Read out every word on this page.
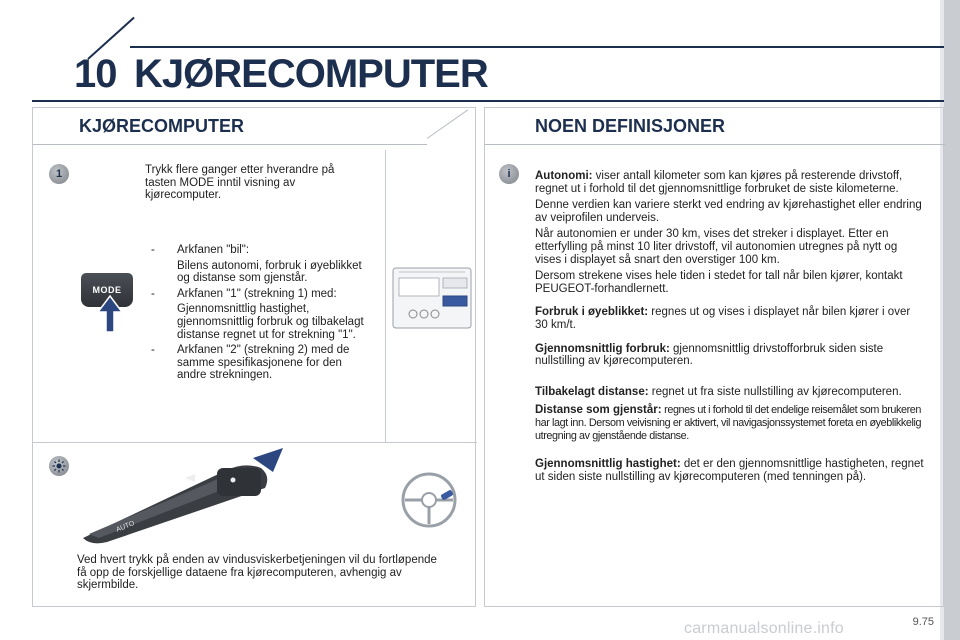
10 KJØRECOMPUTER
KJØRECOMPUTER
1	Trykk flere ganger etter hverandre på tasten MODE inntil visning av kjørecomputer.
- Arkfanen "bil":
Bilens autonomi, forbruk i øyeblikket og distanse som gjenstår.
- Arkfanen "1" (strekning 1) med:
Gjennomsnittlig hastighet, gjennomsnittlig forbruk og tilbakelagt distanse regnet ut for strekning "1".
- Arkfanen "2" (strekning 2) med de samme spesifikasjonene for den andre strekningen.
MODE
AUTO
Ved hvert trykk på enden av vindusviskerbetjeningen vil du fortløpende få opp de forskjellige dataene fra kjørecomputeren, avhengig av skjermbilde.
NOEN DEFINISJONER
i Autonomi: viser antall kilometer som kan kjøres på resterende drivstoff, regnet ut i forhold til det gjennomsnittlige forbruket de siste kilometerne.
Denne verdien kan variere sterkt ved endring av kjørehastighet eller endring av veiprofilen underveis.
Når autonomien er under 30 km, vises det streker i displayet. Etter en etterfylling på minst 10 liter drivstoff, vil autonomien utregnes på nytt og vises i displayet så snart den overstiger 100 km.
Dersom strekene vises hele tiden i stedet for tall når bilen kjører, kontakt PEUGEOT-forhandlernett.
Forbruk i øyeblikket: regnes ut og vises i displayet når bilen kjører i over 30 km/t.
Gjennomsnittlig forbruk: gjennomsnittlig drivstofforbruk siden siste nullstilling av kjørecomputeren.
Tilbakelagt distanse: regnet ut fra siste nullstilling av kjørecomputeren.
Distanse som gjenstår: regnes ut i forhold til det endelige reisemålet som brukeren har lagt inn. Dersom veivisning er aktivert, vil navigasjonssystemet foreta en øyeblikkelig utregning av gjenstående distanse.
Gjennomsnittlig hastighet: det er den gjennomsnittlige hastigheten, regnet ut siden siste nullstilling av kjørecomputeren (med tenningen på).
9.75
carmanualsonline.info
